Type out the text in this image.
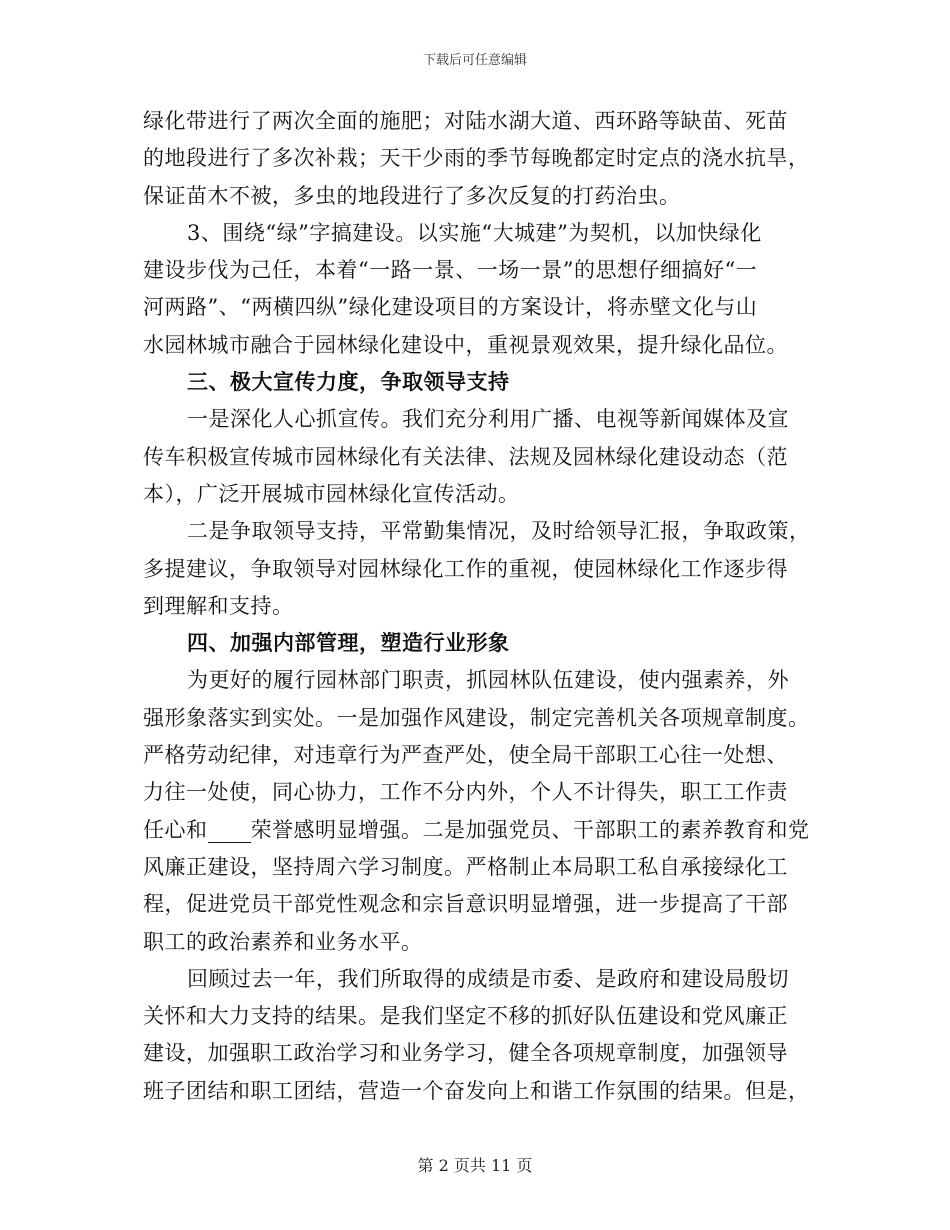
下载后可任意编辑
绿化带进行了两次全面的施肥；对陆水湖大道、西环路等缺苗、死苗
的地段进行了多次补栽；天干少雨的季节每晚都定时定点的浇水抗旱，
保证苗木不被，多虫的地段进行了多次反复的打药治虫。
3、围绕“绿”字搞建设。以实施“大城建”为契机，以加快绿化
建设步伐为己任，本着“一路一景、一场一景”的思想仔细搞好“一
河两路”、“两横四纵”绿化建设项目的方案设计，将赤壁文化与山
水园林城市融合于园林绿化建设中，重视景观效果，提升绿化品位。
三、极大宣传力度，争取领导支持
一是深化人心抓宣传。我们充分利用广播、电视等新闻媒体及宣
传车积极宣传城市园林绿化有关法律、法规及园林绿化建设动态（范
本），广泛开展城市园林绿化宣传活动。
二是争取领导支持，平常勤集情况，及时给领导汇报，争取政策，
多提建议，争取领导对园林绿化工作的重视，使园林绿化工作逐步得
到理解和支持。
四、加强内部管理，塑造行业形象
为更好的履行园林部门职责，抓园林队伍建设，使内强素养，外
强形象落实到实处。一是加强作风建设，制定完善机关各项规章制度。
严格劳动纪律，对违章行为严查严处，使全局干部职工心往一处想、
力往一处使，同心协力，工作不分内外，个人不计得失，职工工作责
任心和 荣誉感明显增强。二是加强党员、干部职工的素养教育和党
风廉正建设，坚持周六学习制度。严格制止本局职工私自承接绿化工
程，促进党员干部党性观念和宗旨意识明显增强，进一步提高了干部
职工的政治素养和业务水平。
回顾过去一年，我们所取得的成绩是市委、是政府和建设局殷切
关怀和大力支持的结果。是我们坚定不移的抓好队伍建设和党风廉正
建设，加强职工政治学习和业务学习，健全各项规章制度，加强领导
班子团结和职工团结，营造一个奋发向上和谐工作氛围的结果。但是，
第 2 页共 11 页
